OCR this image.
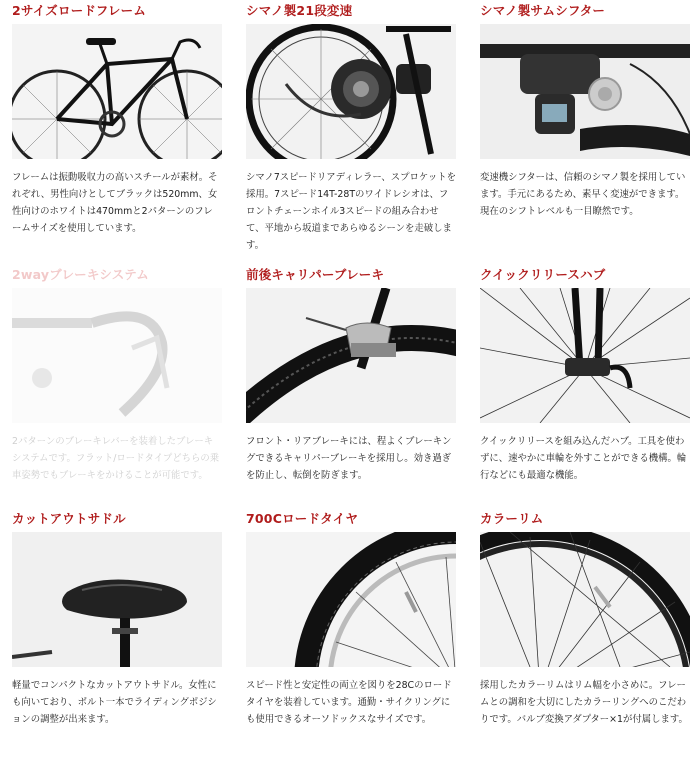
2サイズロードフレーム
フレームは振動吸収力の高いスチールが素材。それぞれ、男性向けとしてブラックは520mm、女性向けのホワイトは470mmと2パターンのフレームサイズを使用しています。
シマノ製21段変速
シマノ7スピードリアディレラー、スプロケットを採用。7スピード14T-28Tのワイドレシオは、フロントチェーンホイル3スピードの組み合わせて、平地から坂道まであらゆるシーンを走破します。
シマノ製サムシフター
変速機シフターは、信頼のシマノ製を採用しています。手元にあるため、素早く変速ができます。現在のシフトレベルも一目瞭然です。
2wayブレーキシステム
2パターンのブレーキレバーを装着したブレーキシステムです。フラット/ロードタイプどちらの乗車姿勢でもブレーキをかけることが可能です。
前後キャリパーブレーキ
フロント・リアブレーキには、程よくブレーキングできるキャリパーブレーキを採用し。効き過ぎを防止し、転倒を防ぎます。
クイックリリースハブ
クイックリリースを組み込んだハブ。工具を使わずに、速やかに車輪を外すことができる機構。輪行などにも最適な機能。
カットアウトサドル
軽量でコンパクトなカットアウトサドル。女性にも向いており、ボルト一本でライディングポジションの調整が出来ます。
700Cロードタイヤ
スピード性と安定性の両立を図りを28Cのロードタイヤを装着しています。通勤・サイクリングにも使用できるオーソドックスなサイズです。
カラーリム
採用したカラーリムはリム幅を小さめに。フレームとの調和を大切にしたカラーリングへのこだわりです。バルブ変換アダプター×1が付属します。
